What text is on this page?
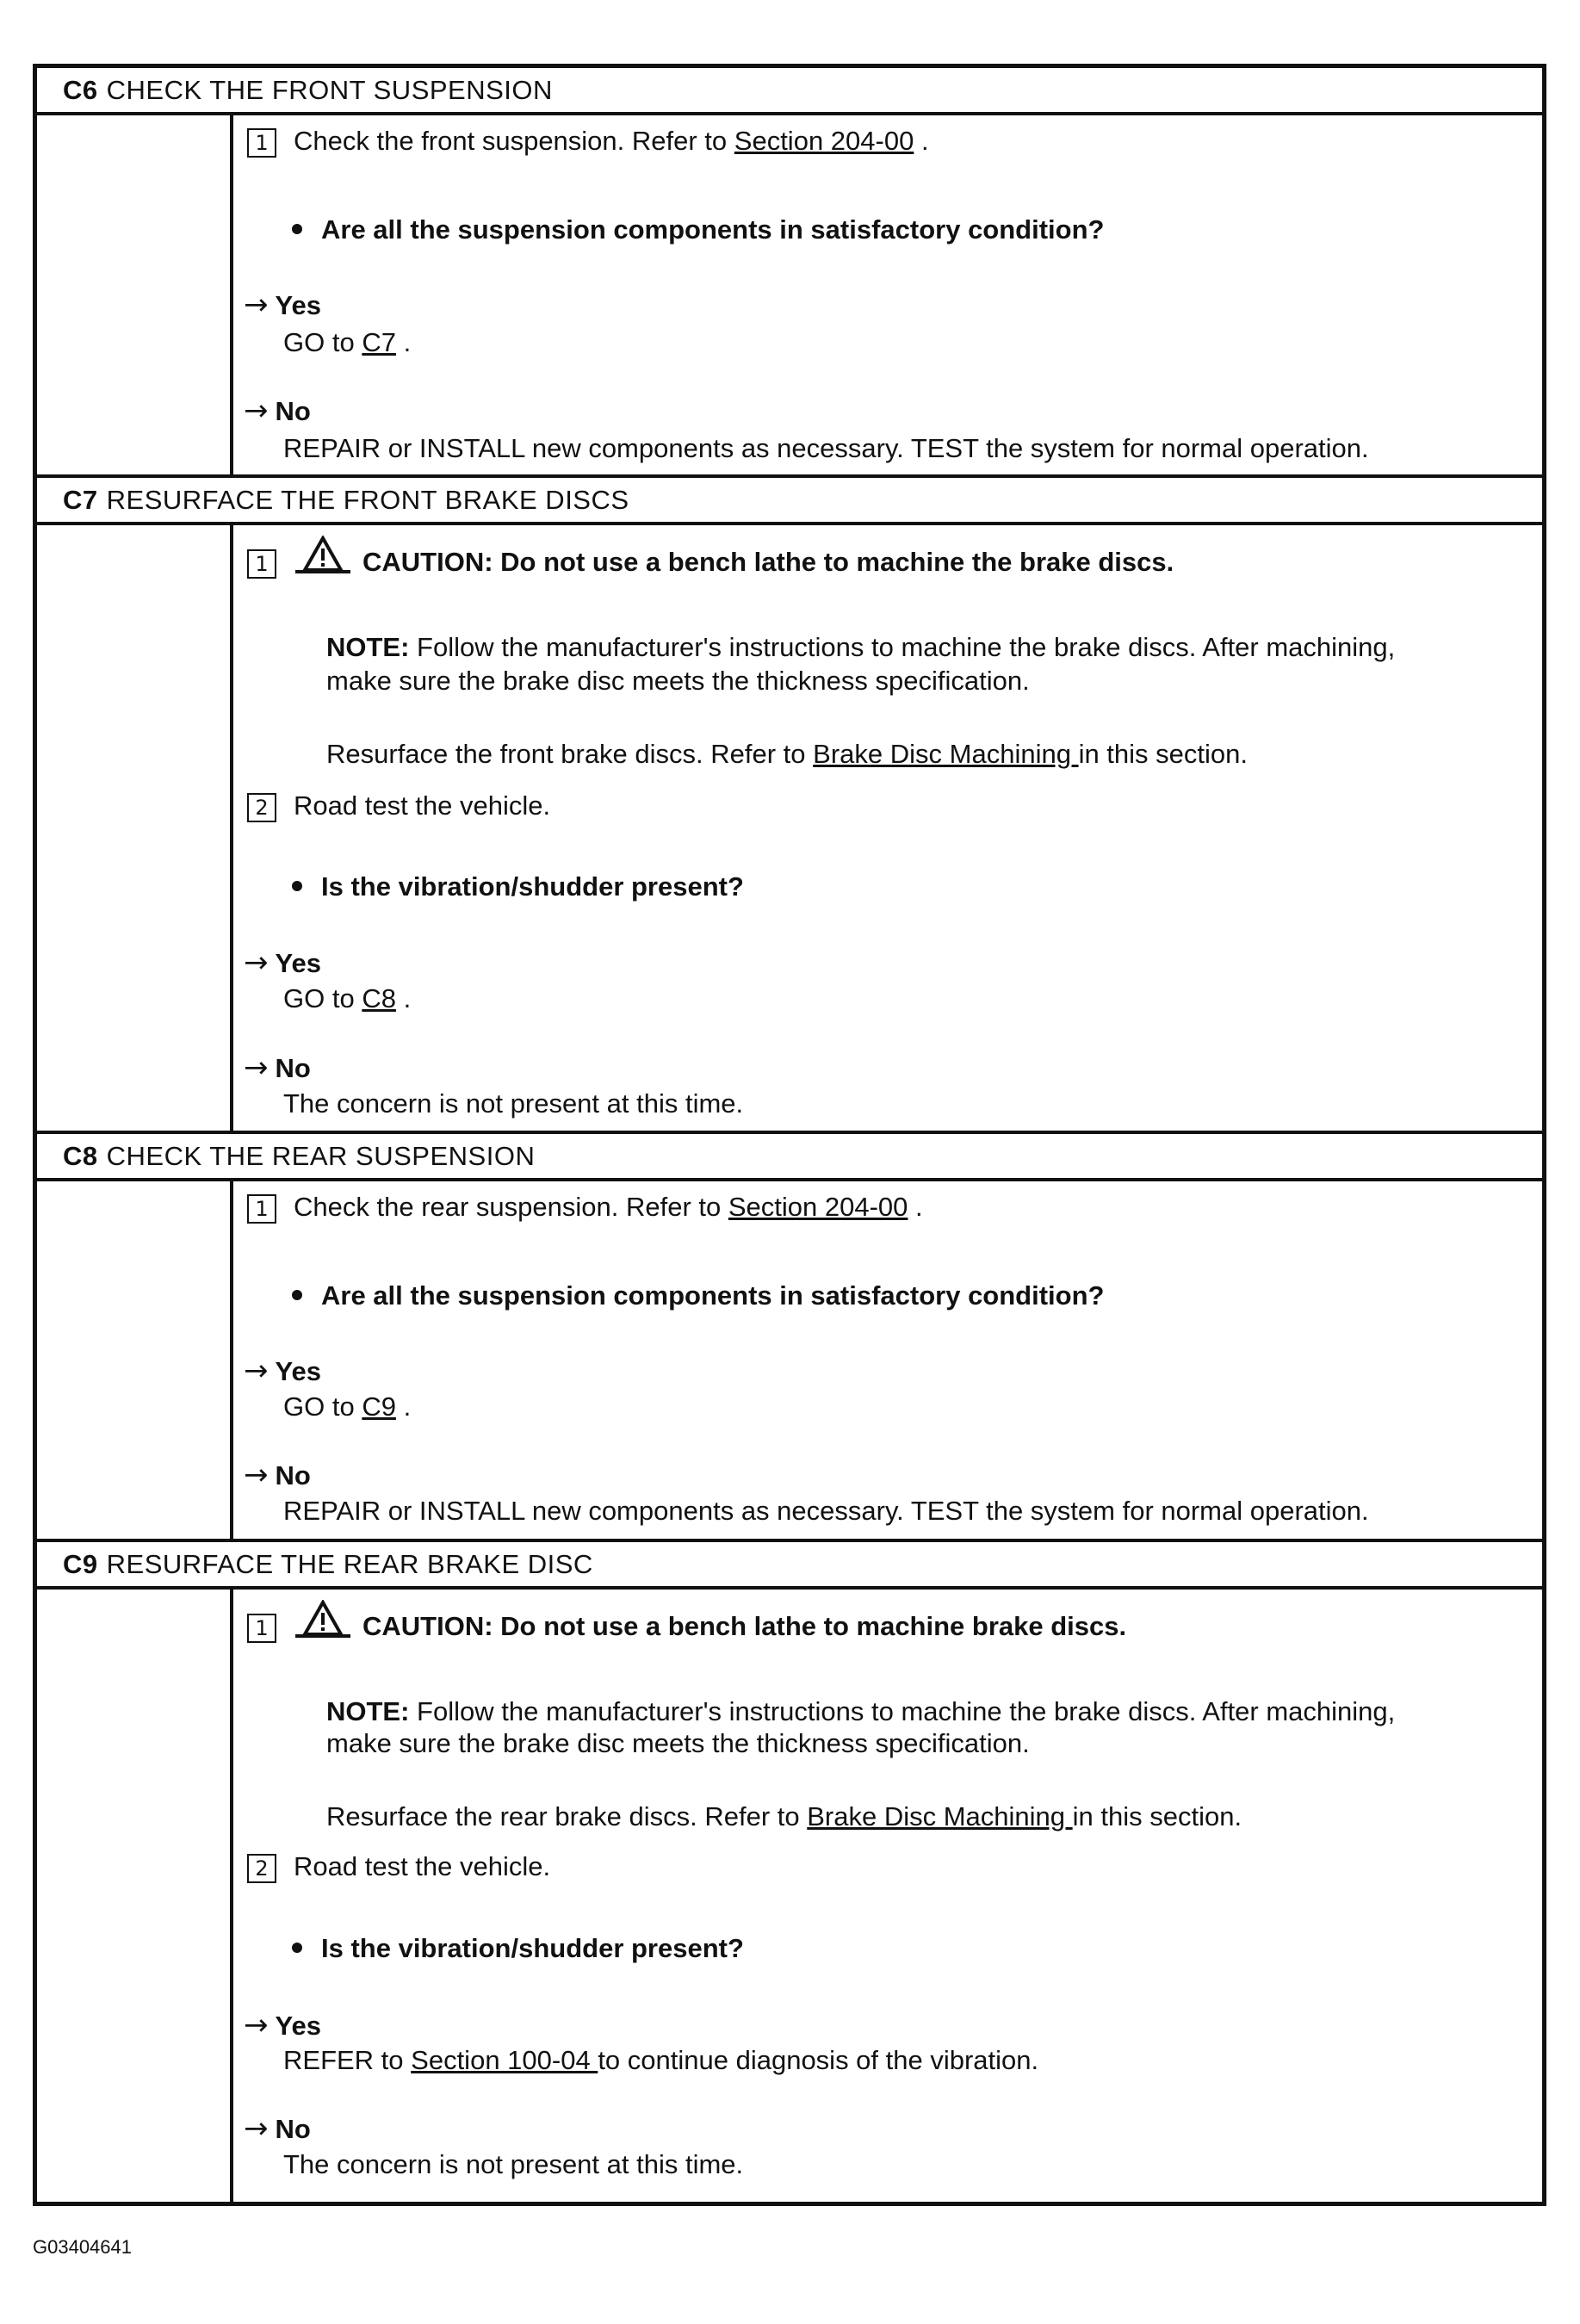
C6 CHECK THE FRONT SUSPENSION
1 Check the front suspension. Refer to Section 204-00 .
Are all the suspension components in satisfactory condition?
→ Yes
GO to C7 .
→ No
REPAIR or INSTALL new components as necessary. TEST the system for normal operation.
C7 RESURFACE THE FRONT BRAKE DISCS
1	CAUTION: Do not use a bench lathe to machine the brake discs.
NOTE: Follow the manufacturer's instructions to machine the brake discs. After machining,
make sure the brake disc meets the thickness specification.
Resurface the front brake discs. Refer to Brake Disc Machining in this section.
2 Road test the vehicle.
Is the vibration/shudder present?
→ Yes
GO to C8 .
→ No
The concern is not present at this time.
C8 CHECK THE REAR SUSPENSION
1 Check the rear suspension. Refer to Section 204-00 .
Are all the suspension components in satisfactory condition?
→ Yes
GO to C9 .
→ No
REPAIR or INSTALL new components as necessary. TEST the system for normal operation.
C9 RESURFACE THE REAR BRAKE DISC
1	CAUTION: Do not use a bench lathe to machine brake discs.
NOTE: Follow the manufacturer's instructions to machine the brake discs. After machining,
make sure the brake disc meets the thickness specification.
Resurface the rear brake discs. Refer to Brake Disc Machining in this section.
2 Road test the vehicle.
Is the vibration/shudder present?
→ Yes
REFER to Section 100-04 to continue diagnosis of the vibration.
→ No
The concern is not present at this time.
G03404641
